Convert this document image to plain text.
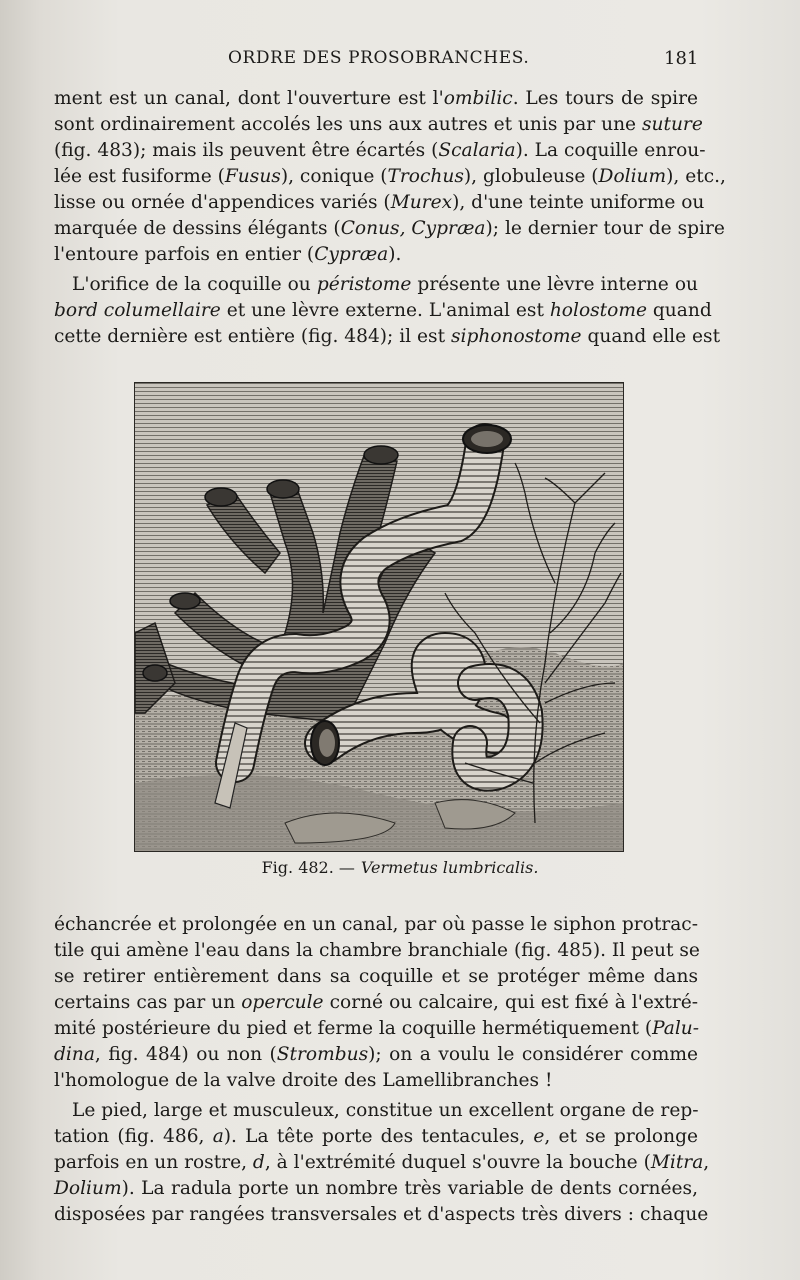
ORDRE DES PROSOBRANCHES.	181

ment est un canal, dont l'ouverture est l'ombilic. Les tours de spire
sont ordinairement accolés les uns aux autres et unis par une suture
(fig. 483); mais ils peuvent être écartés (Scalaria). La coquille enrou-
lée est fusiforme (Fusus), conique (Trochus), globuleuse (Dolium), etc.,
lisse ou ornée d'appendices variés (Murex), d'une teinte uniforme ou
marquée de dessins élégants (Conus, Cypræa); le dernier tour de spire
l'entoure parfois en entier (Cypræa).

L'orifice de la coquille ou péristome présente une lèvre interne ou
bord columellaire et une lèvre externe. L'animal est holostome quand
cette dernière est entière (fig. 484); il est siphonostome quand elle est

Fig. 482. — Vermetus lumbricalis.

échancrée et prolongée en un canal, par où passe le siphon protrac-
tile qui amène l'eau dans la chambre branchiale (fig. 485). Il peut se
se retirer entièrement dans sa coquille et se protéger même dans
certains cas par un opercule corné ou calcaire, qui est fixé à l'extré-
mité postérieure du pied et ferme la coquille hermétiquement (Palu-
dina, fig. 484) ou non (Strombus); on a voulu le considérer comme
l'homologue de la valve droite des Lamellibranches !

Le pied, large et musculeux, constitue un excellent organe de rep-
tation (fig. 486, a). La tête porte des tentacules, e, et se prolonge
parfois en un rostre, d, à l'extrémité duquel s'ouvre la bouche (Mitra,
Dolium). La radula porte un nombre très variable de dents cornées,
disposées par rangées transversales et d'aspects très divers : chaque
